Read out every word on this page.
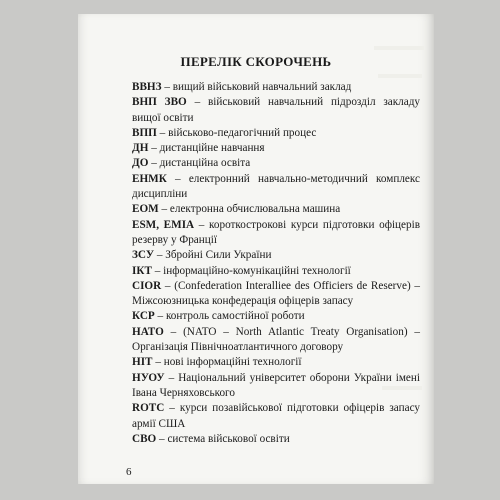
ПЕРЕЛІК СКОРОЧЕНЬ
ВВНЗ – вищий військовий навчальний заклад
ВНП ЗВО – військовий навчальний підрозділ закладу вищої освіти
ВПП – військово-педагогічний процес
ДН – дистанційне навчання
ДО – дистанційна освіта
ЕНМК – електронний навчально-методичний комплекс дисципліни
ЕОМ – електронна обчислювальна машина
ESM, EMIA – короткострокові курси підготовки офіцерів резерву у Франції
ЗСУ – Збройні Сили України
ІКТ – інформаційно-комунікаційні технології
CIOR – (Confederation Interalliee des Officiers de Reserve) – Міжсоюзницька конфедерація офіцерів запасу
КСР – контроль самостійної роботи
НАТО – (NATO – North Atlantic Treaty Organisation) – Організація Північноатлантичного договору
НІТ – нові інформаційні технології
НУОУ – Національний університет оборони України імені Івана Черняховського
ROTC – курси позавійськової підготовки офіцерів запасу армії США
СВО – система військової освіти
6
